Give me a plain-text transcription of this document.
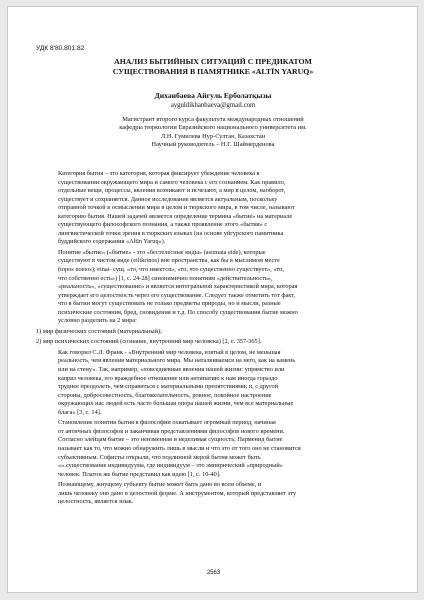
УДК 8'80.801.82
АНАЛИЗ БЫТИЙНЫХ СИТУАЦИЙ С ПРЕДИКАТОМ
СУЩЕСТВОВАНИЯ В ПАМЯТНИКЕ «ALTÏN YARUQ»
Диханбаева Айгуль Ерболатқызы
ayguldikhanbaeva@gmail.com
Магистрант второго курса факультета международных отношений
кафедры тюркологии Евразийского национального университета им.
Л.Н. Гумилева Нур-Султан, Казахстан
Научный руководитель – Н.Г. Шаймерденова

Категория бытия – это категория, которая фиксирует убеждение человека в
существовании окружающего мира и самого человека с его сознанием. Как правило,
отдельные вещи, процессы, явления возникают и исчезают, а мир в целом, наоборот,
существует и сохраняется. Данное исследование является актуальным, поскольку
отправной точкой в осмыслении мира в целом и тюркского мира, в том числе, называют
категорию бытия. Нашей задачей является определение термина «бытие» на материале
существующего философского познания, а также проявление этого «бытия» с
лингвистической точки зрения в тюркских языках (на основе уйгурского памятника
буддийского содержания «Altïn Yaruq»).

Понятие «бытие» («бытие» - это «бестелесные виды» (asomata eide), которые
существуют в чистом виде (eilikrinos) вне пространства, как бы в мыслимом месте
(topos noetos); einai- сущ. «то, что имеется», «то, что существенно существует», «то,
что собственно есть») [1, с. 24-28] синонимично понятиям «действительность»,
«реальность», «существование» и является интегральной характеристикой мира, которая
утверждает его целостность через его существование. Следует также отметить тот факт,
что в бытии могут существовать не только предметы природы, но и мысли, разные
психические состояния, бред, сновидения и т.д. По способу существования бытие можно
условно разделить на 2 мира:

1) мир физических состояний (материальный);

2) мир психических состояний (сознание, внутренний мир человека) [2, с. 357-365].

Как говорил С.Л. Франк - «Внутренний мир человека, взятый в целом, не меньшая
реальность, чем явления материального мира. Мы наталкиваемся на него, как на камень
или на стену». Так, например, «повседневные явления нашей жизни: упрямство или
каприз человека, его враждебное отношение или антипатию к нам иногда гораздо
труднее преодолеть, чем справиться с материальными препятствиями; и, с другой
стороны, добросовестность, благожелательность, ровное, покойное настроение
окружающих нас людей есть часто большая опора нашей жизни, чем все материальные
блага» [3, с. 14].

Становление понятия бытия в философии охватывает огромный период, начиная
от античных философов и заканчивая представлениями философов нового времени.
Согласно элейцам бытие – это неизменная и неделимая сущность; Парменид бытие
называет как то, что можно обнаружить лишь в мысли и что это от того оно не становится
субъективным. Софисты открыли, что подлинной мерой бытия может быть
«».существование индивидуума, где индивидуум – это эмпирический «природный»
человек. Платон же бытие представил как идею [1, с. 10-40].

Познающему, жнущему субъекту бытие может быть дано во всем объеме, и
лишь человеку оно дано в целостной форме. А инструментом, который представляет эту
целостность, является язык.

2563
